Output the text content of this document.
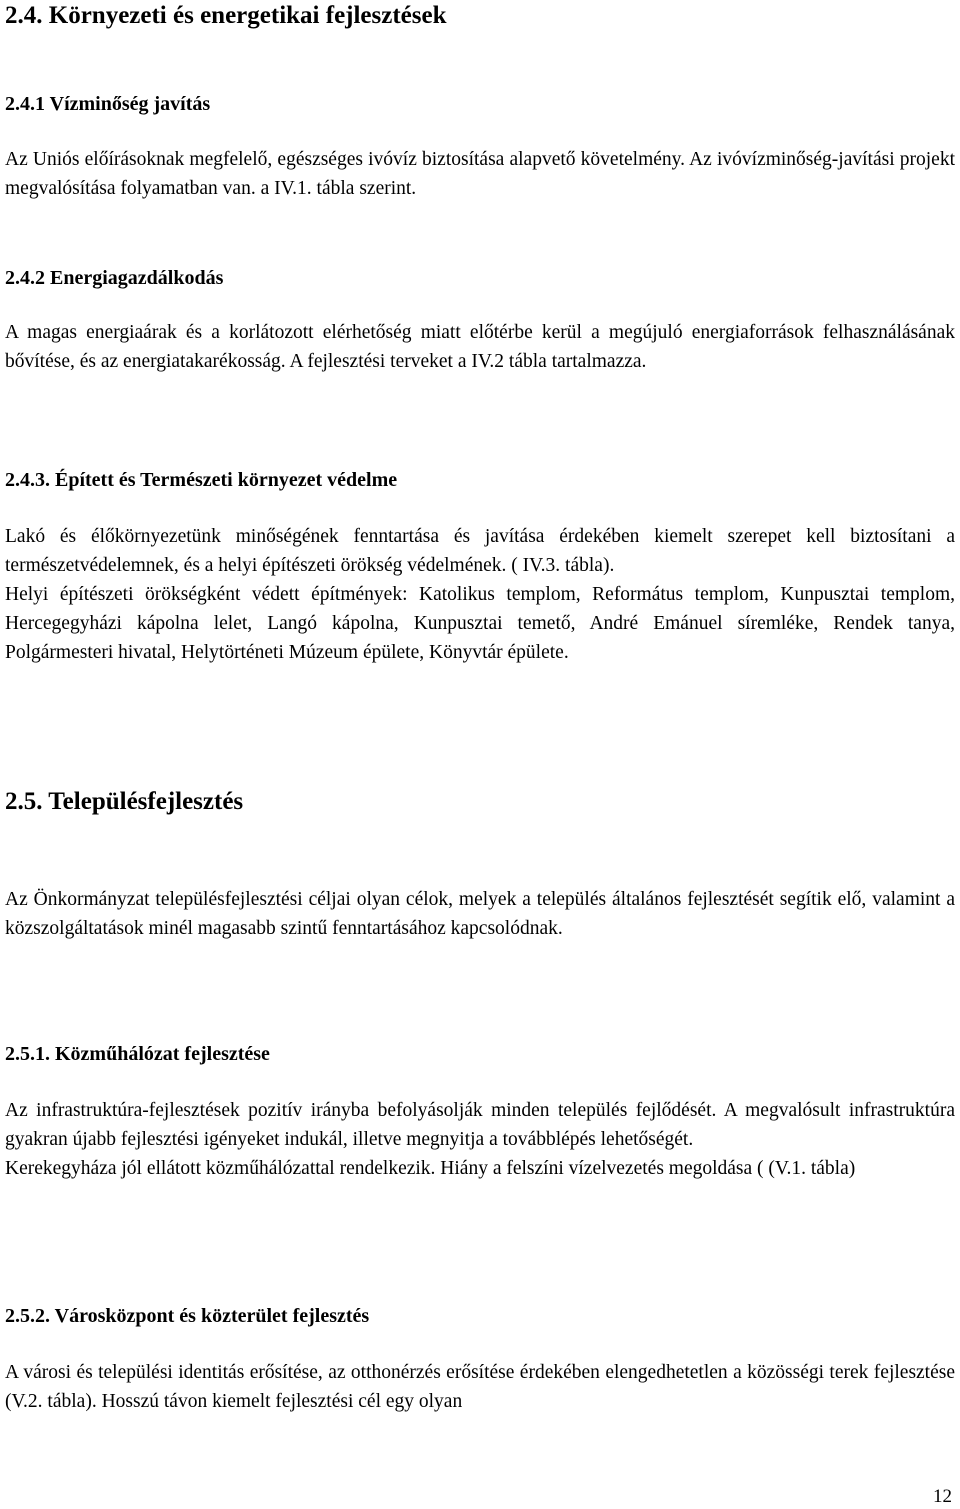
2.4. Környezeti és energetikai fejlesztések
2.4.1 Vízminőség javítás

Az Uniós előírásoknak megfelelő, egészséges ivóvíz biztosítása alapvető követelmény. Az ivóvízminőség-javítási projekt megvalósítása folyamatban van. a IV.1. tábla szerint.

2.4.2 Energiagazdálkodás

A magas energiaárak és a korlátozott elérhetőség miatt előtérbe kerül a megújuló energiaforrások felhasználásának bővítése, és az energiatakarékosság. A fejlesztési terveket a IV.2 tábla tartalmazza.

2.4.3. Épített és Természeti környezet védelme

Lakó és élőkörnyezetünk minőségének fenntartása és javítása érdekében kiemelt szerepet kell biztosítani a természetvédelemnek, és a helyi építészeti örökség védelmének. ( IV.3. tábla).

Helyi építészeti örökségként védett építmények: Katolikus templom, Református templom, Kunpusztai templom, Hercegegyházi kápolna lelet, Langó kápolna, Kunpusztai temető, André Emánuel síremléke, Rendek tanya, Polgármesteri hivatal, Helytörténeti Múzeum épülete, Könyvtár épülete.

2.5. Településfejlesztés

Az Önkormányzat településfejlesztési céljai olyan célok, melyek a település általános fejlesztését segítik elő, valamint a közszolgáltatások minél magasabb szintű fenntartásához kapcsolódnak.

2.5.1. Közműhálózat fejlesztése

Az infrastruktúra-fejlesztések pozitív irányba befolyásolják minden település fejlődését. A megvalósult infrastruktúra gyakran újabb fejlesztési igényeket indukál, illetve megnyitja a továbblépés lehetőségét.

Kerekegyháza jól ellátott közműhálózattal rendelkezik. Hiány a felszíni vízelvezetés megoldása ( (V.1. tábla)

2.5.2. Városközpont és közterület fejlesztés

A városi és települési identitás erősítése, az otthonérzés erősítése érdekében elengedhetetlen a közösségi terek fejlesztése (V.2. tábla). Hosszú távon kiemelt fejlesztési cél egy olyan

12
